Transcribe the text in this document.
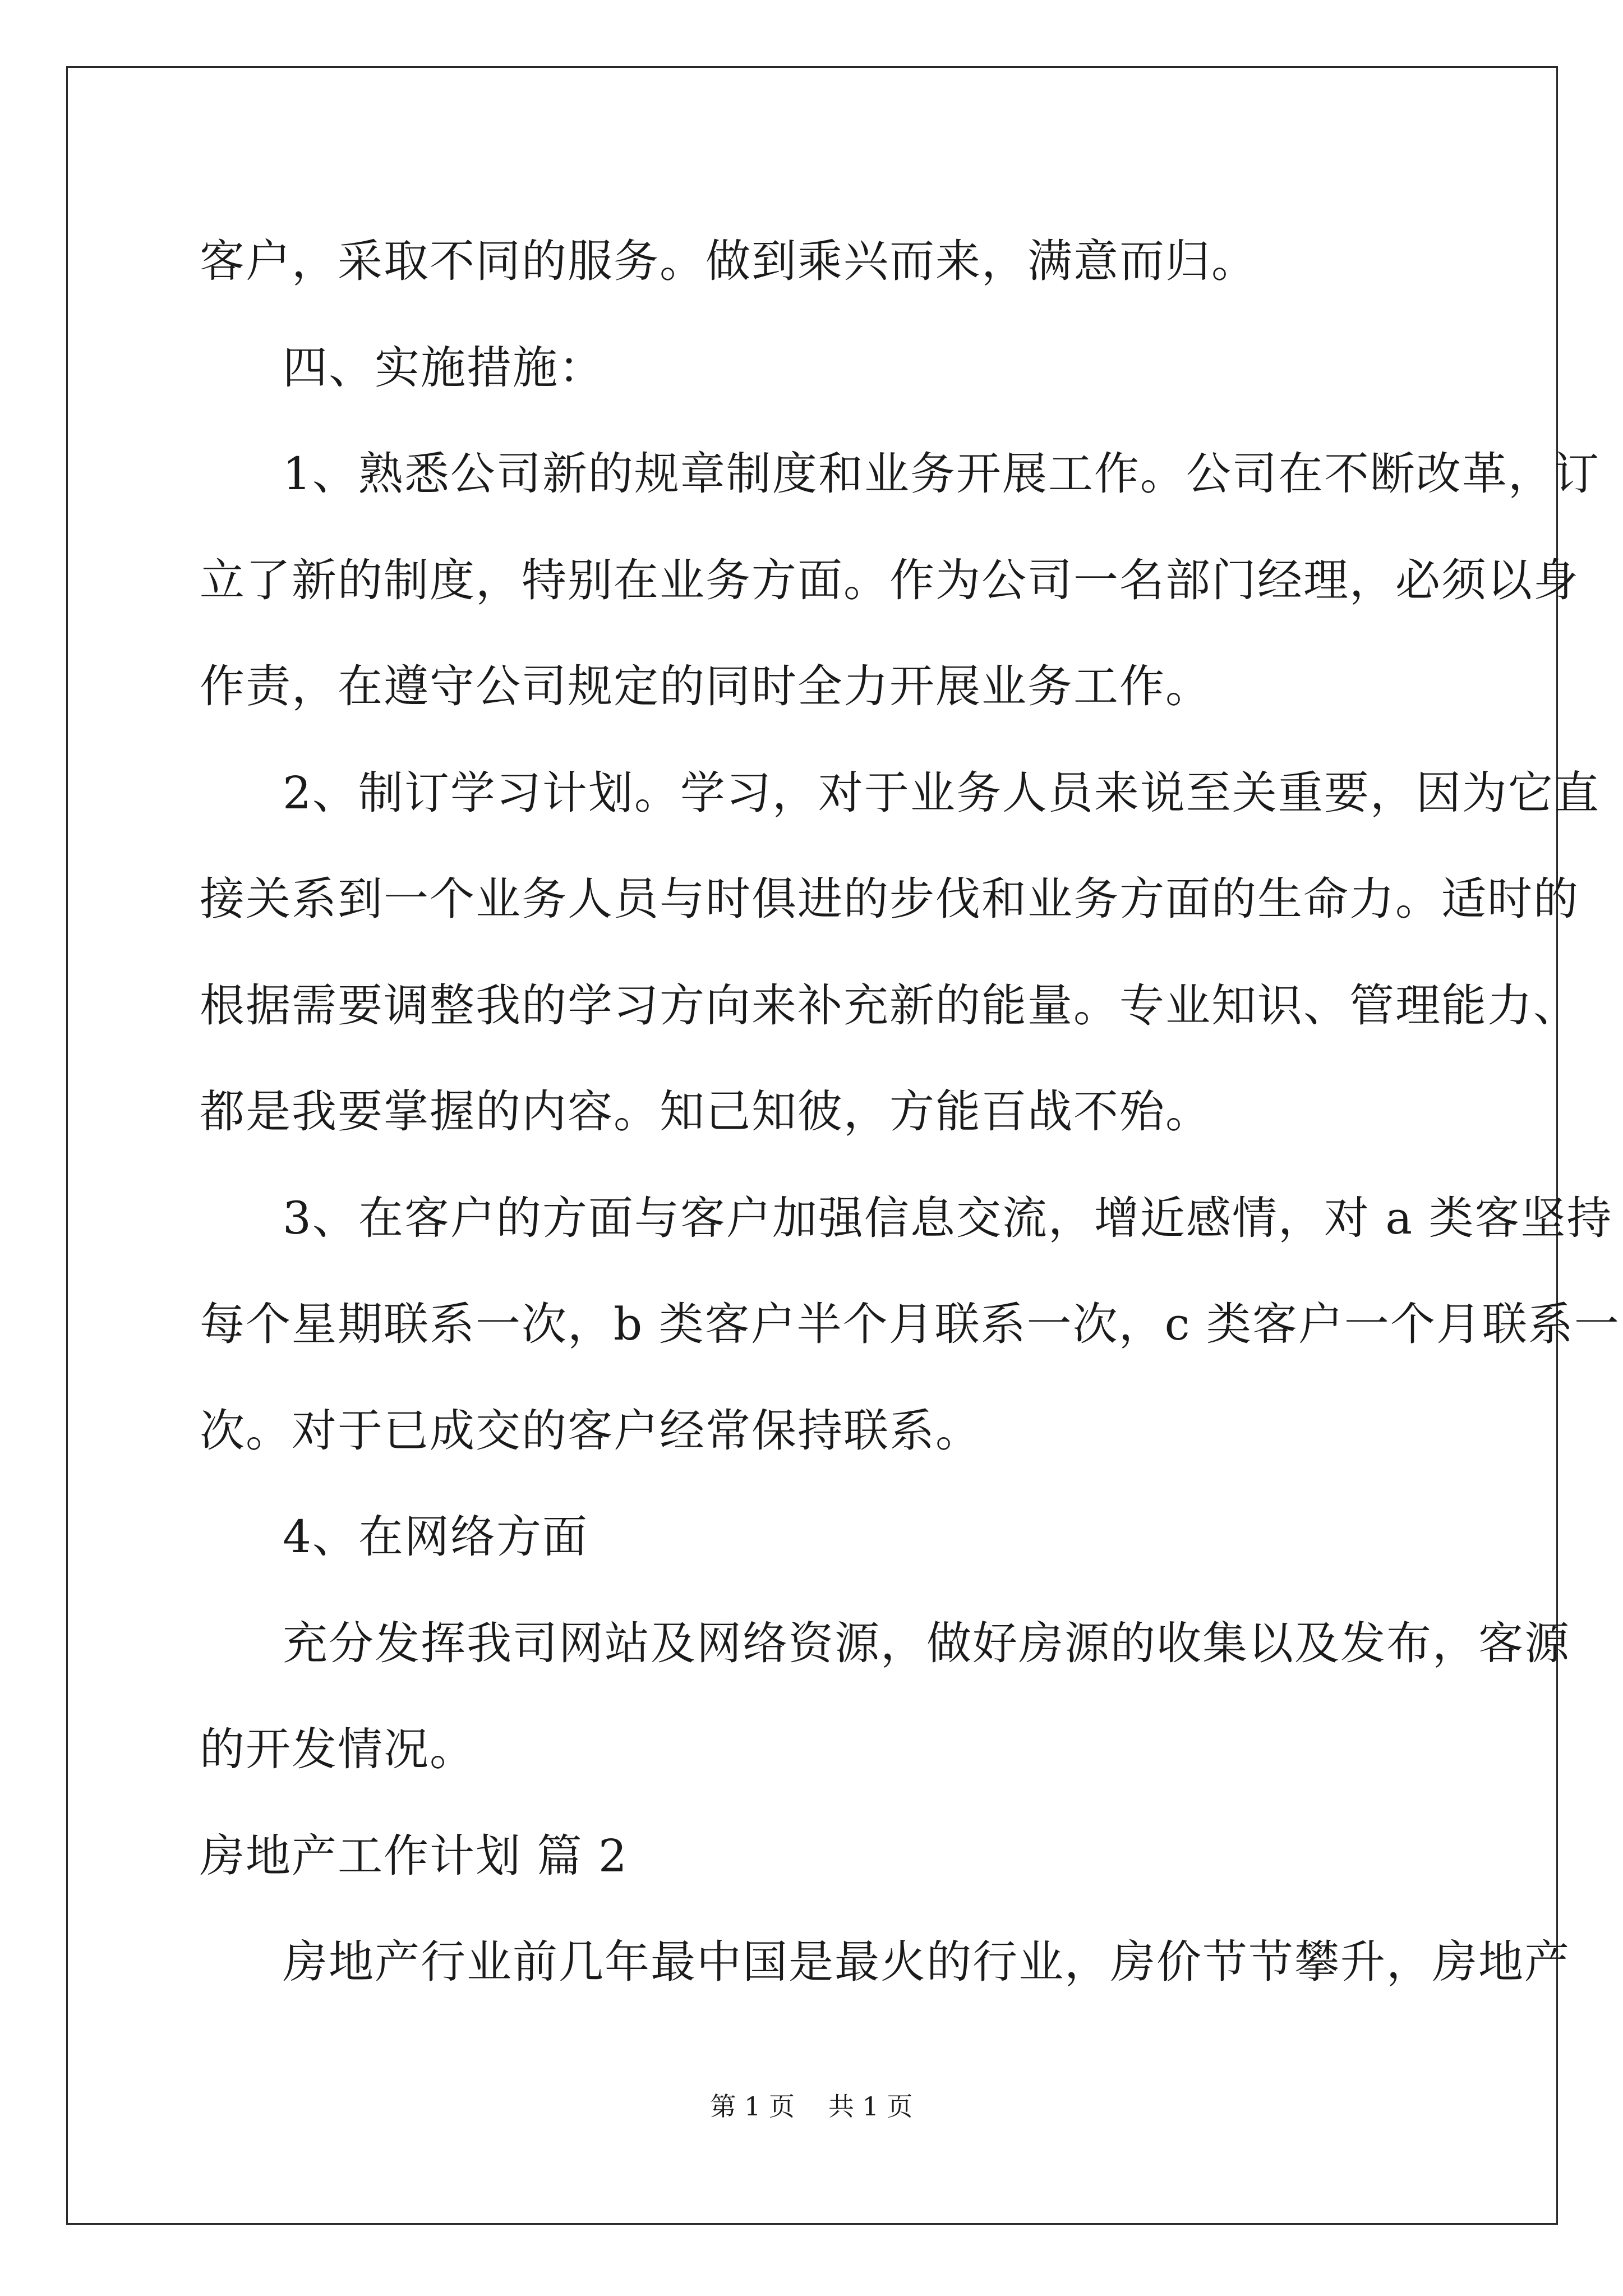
客户，采取不同的服务。做到乘兴而来，满意而归。
四、实施措施：
1、熟悉公司新的规章制度和业务开展工作。公司在不断改革，订
立了新的制度，特别在业务方面。作为公司一名部门经理，必须以身
作责，在遵守公司规定的同时全力开展业务工作。
2、制订学习计划。学习，对于业务人员来说至关重要，因为它直
接关系到一个业务人员与时俱进的步伐和业务方面的生命力。适时的
根据需要调整我的学习方向来补充新的能量。专业知识、管理能力、
都是我要掌握的内容。知己知彼，方能百战不殆。
3、在客户的方面与客户加强信息交流，增近感情，对 a 类客坚持
每个星期联系一次，b 类客户半个月联系一次，c 类客户一个月联系一
次。对于已成交的客户经常保持联系。
4、在网络方面
充分发挥我司网站及网络资源，做好房源的收集以及发布，客源
的开发情况。
房地产工作计划 篇 2
房地产行业前几年最中国是最火的行业，房价节节攀升，房地产
第 1 页 共 1 页
